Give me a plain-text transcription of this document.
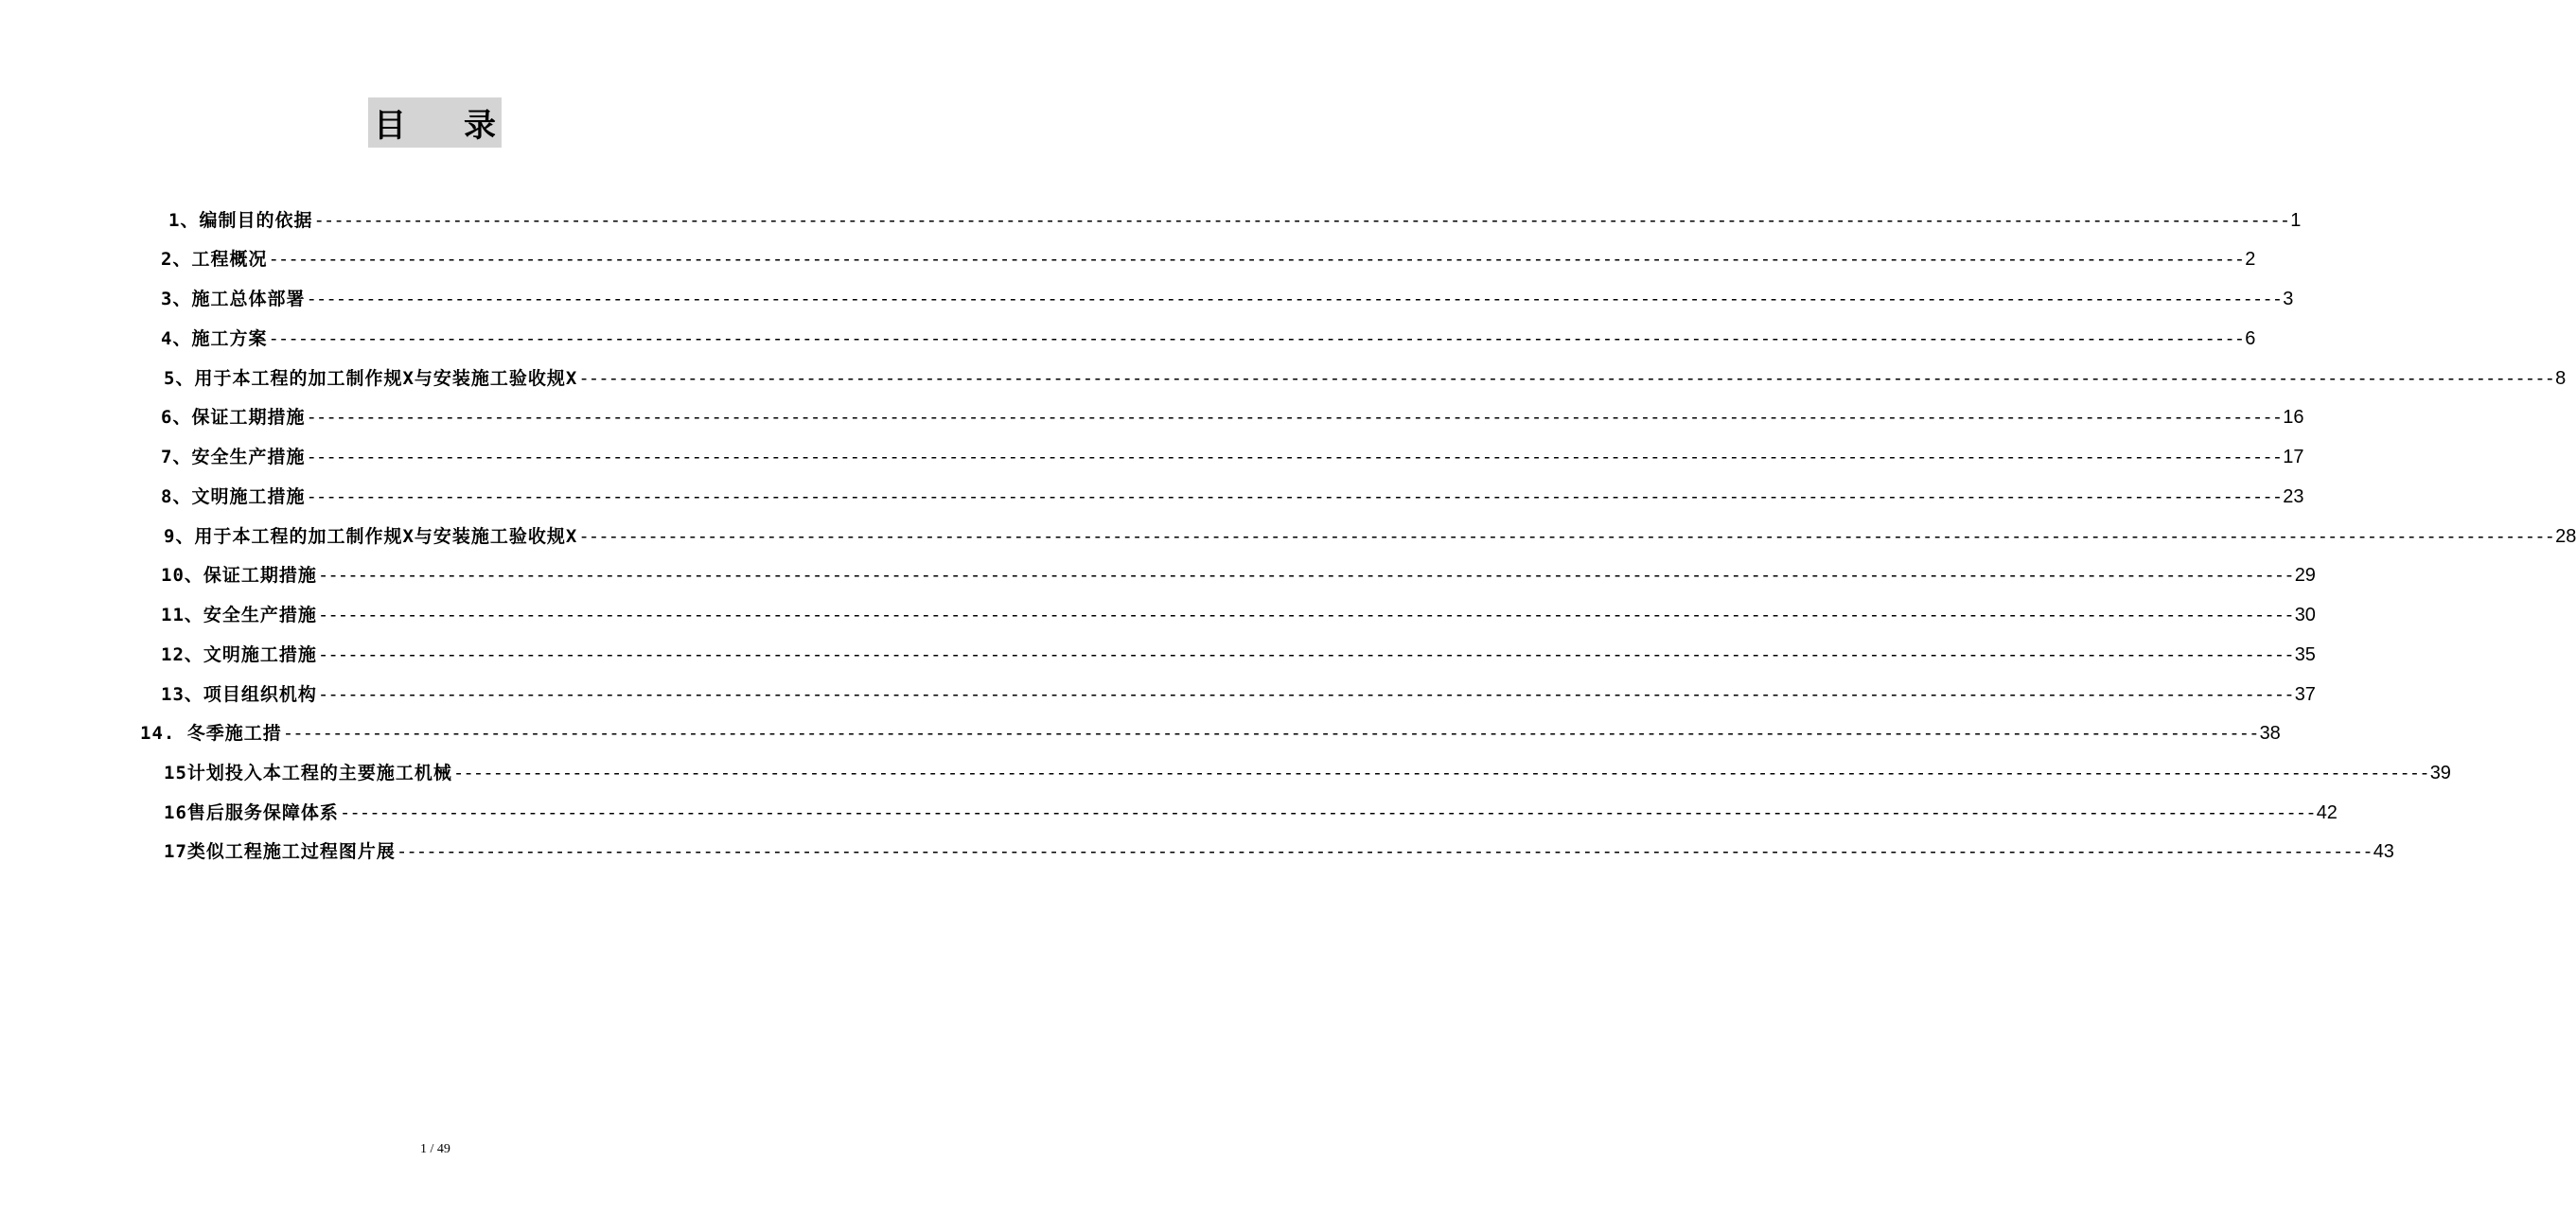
目 录
1、编制目的依据 -------------------------------------------------------------------------------------------------------------------------------------------------------------------------------------------------------- 1
2、工程概况 -------------------------------------------------------------------------------------------------------------------------------------------------------------------------------------------------------- 2
3、施工总体部署 -------------------------------------------------------------------------------------------------------------------------------------------------------------------------------------------------------- 3
4、施工方案 -------------------------------------------------------------------------------------------------------------------------------------------------------------------------------------------------------- 6
5、用于本工程的加工制作规X与安装施工验收规X -------------------------------------------------------------------------------------------------------------------------------------------------------------------------------------------------------- 8
6、保证工期措施 -------------------------------------------------------------------------------------------------------------------------------------------------------------------------------------------------------- 16
7、安全生产措施 -------------------------------------------------------------------------------------------------------------------------------------------------------------------------------------------------------- 17
8、文明施工措施 -------------------------------------------------------------------------------------------------------------------------------------------------------------------------------------------------------- 23
9、用于本工程的加工制作规X与安装施工验收规X -------------------------------------------------------------------------------------------------------------------------------------------------------------------------------------------------------- 28
10、保证工期措施 -------------------------------------------------------------------------------------------------------------------------------------------------------------------------------------------------------- 29
11、安全生产措施 -------------------------------------------------------------------------------------------------------------------------------------------------------------------------------------------------------- 30
12、文明施工措施 -------------------------------------------------------------------------------------------------------------------------------------------------------------------------------------------------------- 35
13、项目组织机构 -------------------------------------------------------------------------------------------------------------------------------------------------------------------------------------------------------- 37
14. 冬季施工措 -------------------------------------------------------------------------------------------------------------------------------------------------------------------------------------------------------- 38
15计划投入本工程的主要施工机械 -------------------------------------------------------------------------------------------------------------------------------------------------------------------------------------------------------- 39
16售后服务保障体系 -------------------------------------------------------------------------------------------------------------------------------------------------------------------------------------------------------- 42
17类似工程施工过程图片展 -------------------------------------------------------------------------------------------------------------------------------------------------------------------------------------------------------- 43
1 / 49
